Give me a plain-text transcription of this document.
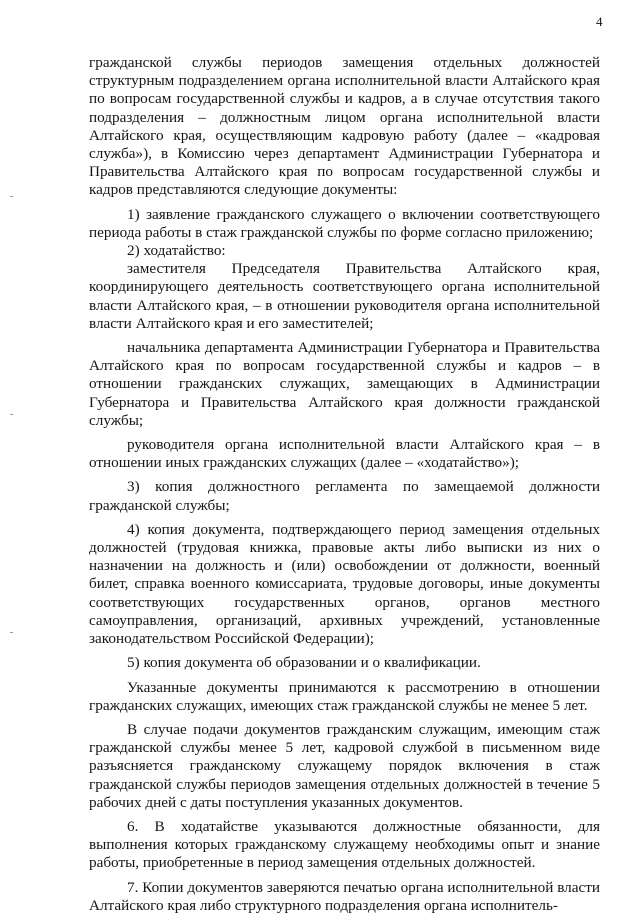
4

гражданской службы периодов замещения отдельных должностей структурным подразделением органа исполнительной власти Алтайского края по вопросам государственной службы и кадров, а в случае отсутствия такого подразделения – должностным лицом органа исполнительной власти Алтайского края, осуществляющим кадровую работу (далее – «кадровая служба»), в Комиссию через департамент Администрации Губернатора и Правительства Алтайского края по вопросам государственной службы и кадров представляются следующие документы:

1) заявление гражданского служащего о включении соответствующего периода работы в стаж гражданской службы по форме согласно приложению;

2) ходатайство:

заместителя Председателя Правительства Алтайского края, координирующего деятельность соответствующего органа исполнительной власти Алтайского края, – в отношении руководителя органа исполнительной власти Алтайского края и его заместителей;

начальника департамента Администрации Губернатора и Правительства Алтайского края по вопросам государственной службы и кадров – в отношении гражданских служащих, замещающих в Администрации Губернатора и Правительства Алтайского края должности гражданской службы;

руководителя органа исполнительной власти Алтайского края – в отношении иных гражданских служащих (далее – «ходатайство»);

3) копия должностного регламента по замещаемой должности гражданской службы;

4) копия документа, подтверждающего период замещения отдельных должностей (трудовая книжка, правовые акты либо выписки из них о назначении на должность и (или) освобождении от должности, военный билет, справка военного комиссариата, трудовые договоры, иные документы соответствующих государственных органов, органов местного самоуправления, организаций, архивных учреждений, установленные законодательством Российской Федерации);

5) копия документа об образовании и о квалификации.

Указанные документы принимаются к рассмотрению в отношении гражданских служащих, имеющих стаж гражданской службы не менее 5 лет.

В случае подачи документов гражданским служащим, имеющим стаж гражданской службы менее 5 лет, кадровой службой в письменном виде разъясняется гражданскому служащему порядок включения в стаж гражданской службы периодов замещения отдельных должностей в течение 5 рабочих дней с даты поступления указанных документов.

6. В ходатайстве указываются должностные обязанности, для выполнения которых гражданскому служащему необходимы опыт и знание работы, приобретенные в период замещения отдельных должностей.

7. Копии документов заверяются печатью органа исполнительной власти Алтайского края либо структурного подразделения органа исполнитель-
